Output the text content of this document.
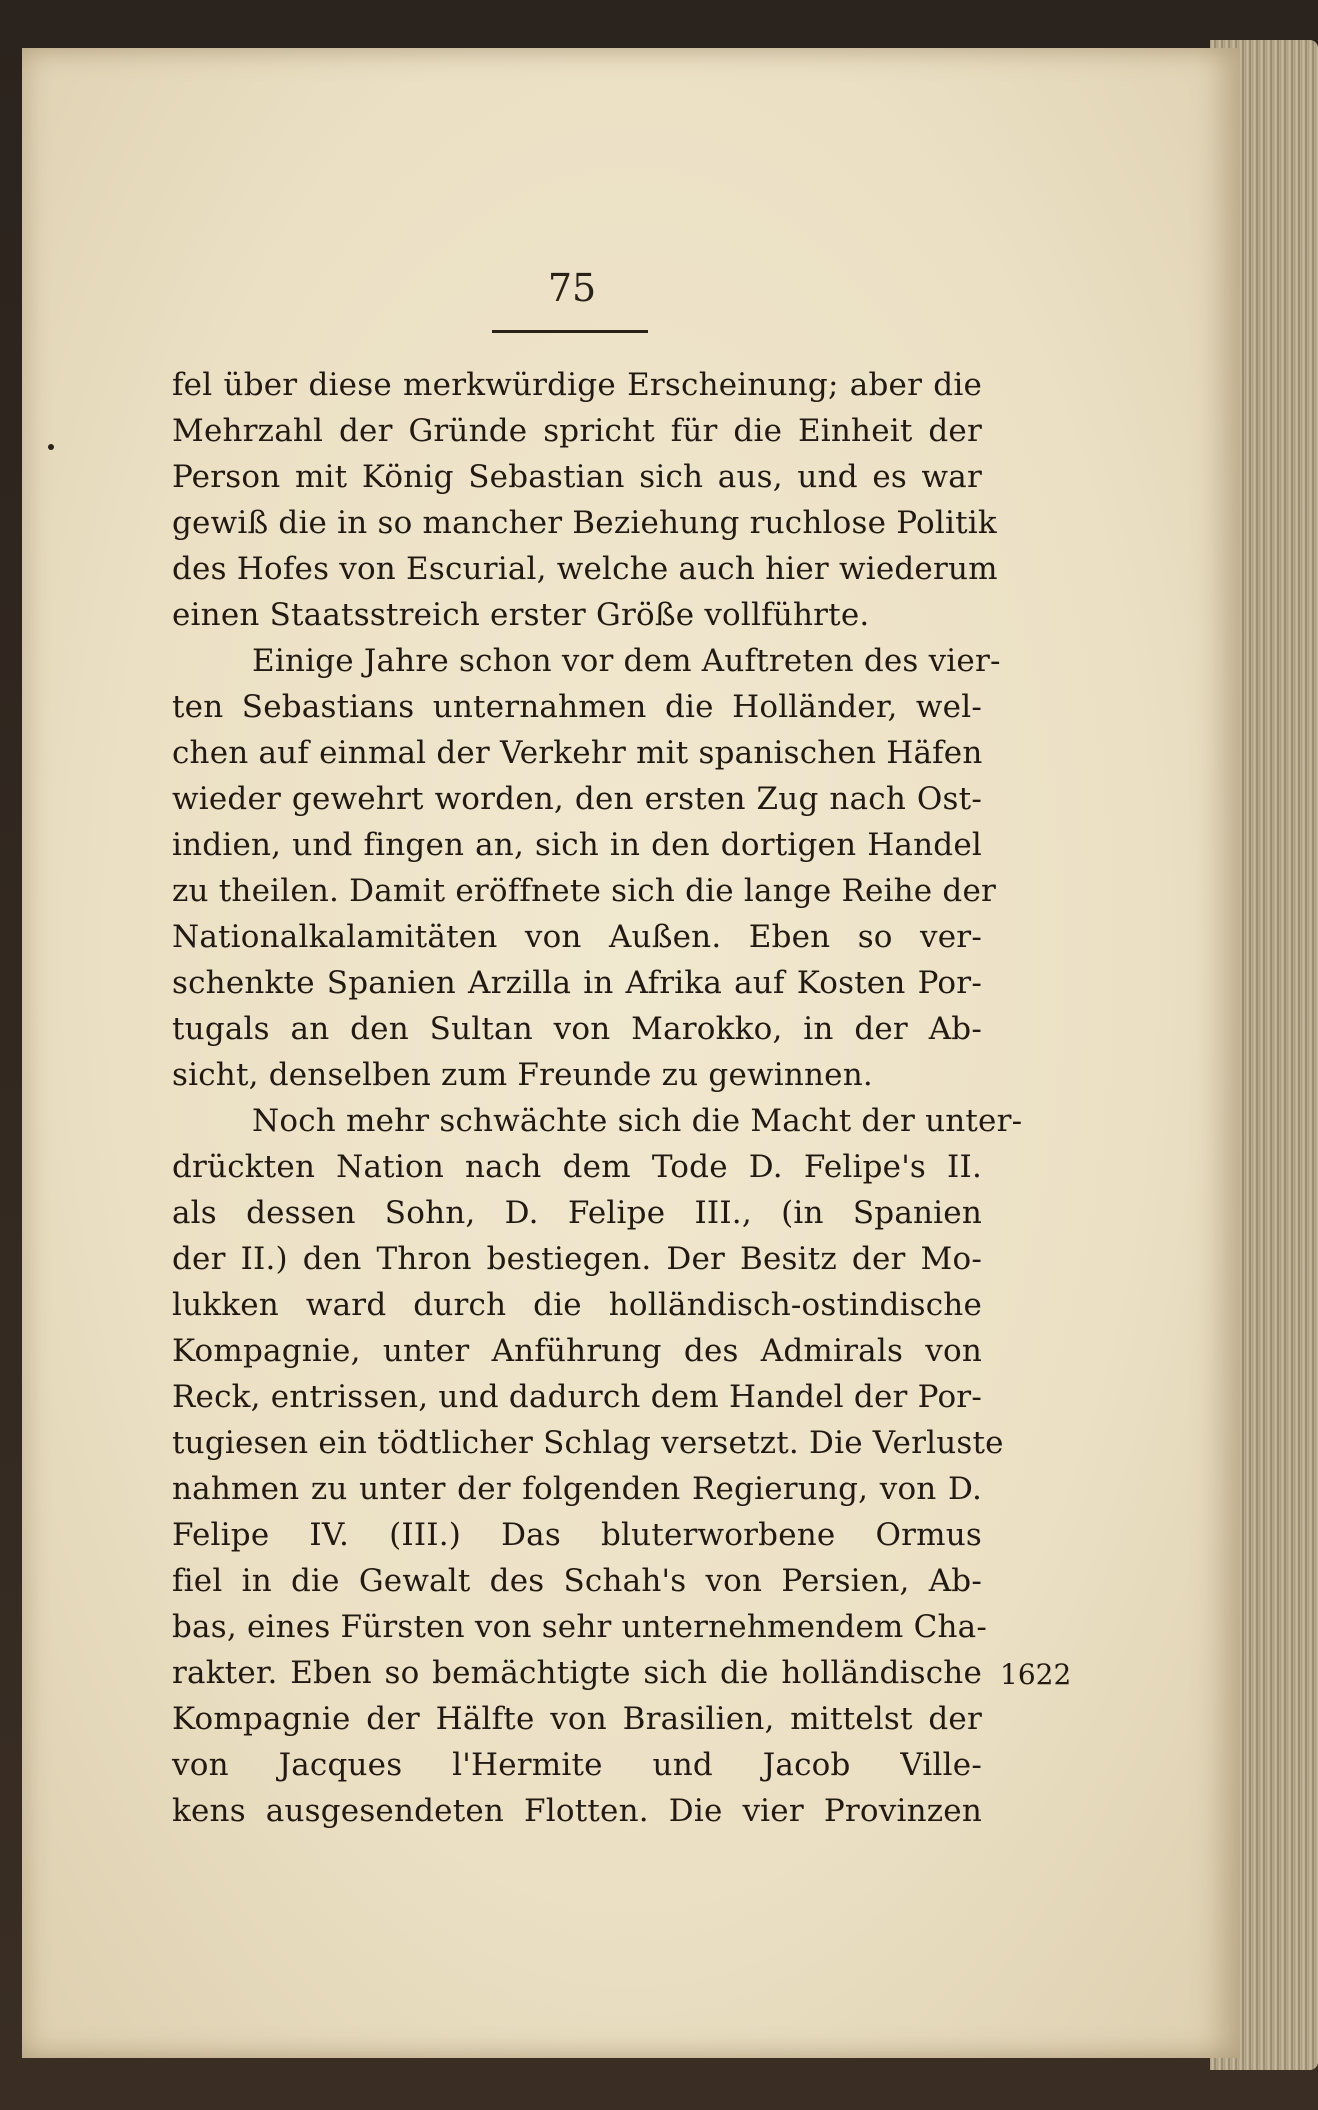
75
fel über diese merkwürdige Erscheinung; aber die
Mehrzahl der Gründe spricht für die Einheit der
Person mit König Sebastian sich aus, und es war
gewiß die in so mancher Beziehung ruchlose Politik
des Hofes von Escurial, welche auch hier wiederum
einen Staatsstreich erster Größe vollführte.
Einige Jahre schon vor dem Auftreten des vier-
ten Sebastians unternahmen die Holländer, wel-
chen auf einmal der Verkehr mit spanischen Häfen
wieder gewehrt worden, den ersten Zug nach Ost-
indien, und fingen an, sich in den dortigen Handel
zu theilen. Damit eröffnete sich die lange Reihe der
Nationalkalamitäten von Außen. Eben so ver-
schenkte Spanien Arzilla in Afrika auf Kosten Por-
tugals an den Sultan von Marokko, in der Ab-
sicht, denselben zum Freunde zu gewinnen.
Noch mehr schwächte sich die Macht der unter-
drückten Nation nach dem Tode D. Felipe's II.
als dessen Sohn, D. Felipe III., (in Spanien
der II.) den Thron bestiegen. Der Besitz der Mo-
lukken ward durch die holländisch-ostindische
Kompagnie, unter Anführung des Admirals von
Reck, entrissen, und dadurch dem Handel der Por-
tugiesen ein tödtlicher Schlag versetzt. Die Verluste
nahmen zu unter der folgenden Regierung, von D.
Felipe IV. (III.) Das bluterworbene Ormus
fiel in die Gewalt des Schah's von Persien, Ab-
bas, eines Fürsten von sehr unternehmendem Cha-
rakter. Eben so bemächtigte sich die holländische
Kompagnie der Hälfte von Brasilien, mittelst der
von Jacques l'Hermite und Jacob Ville-
kens ausgesendeten Flotten. Die vier Provinzen
1622
